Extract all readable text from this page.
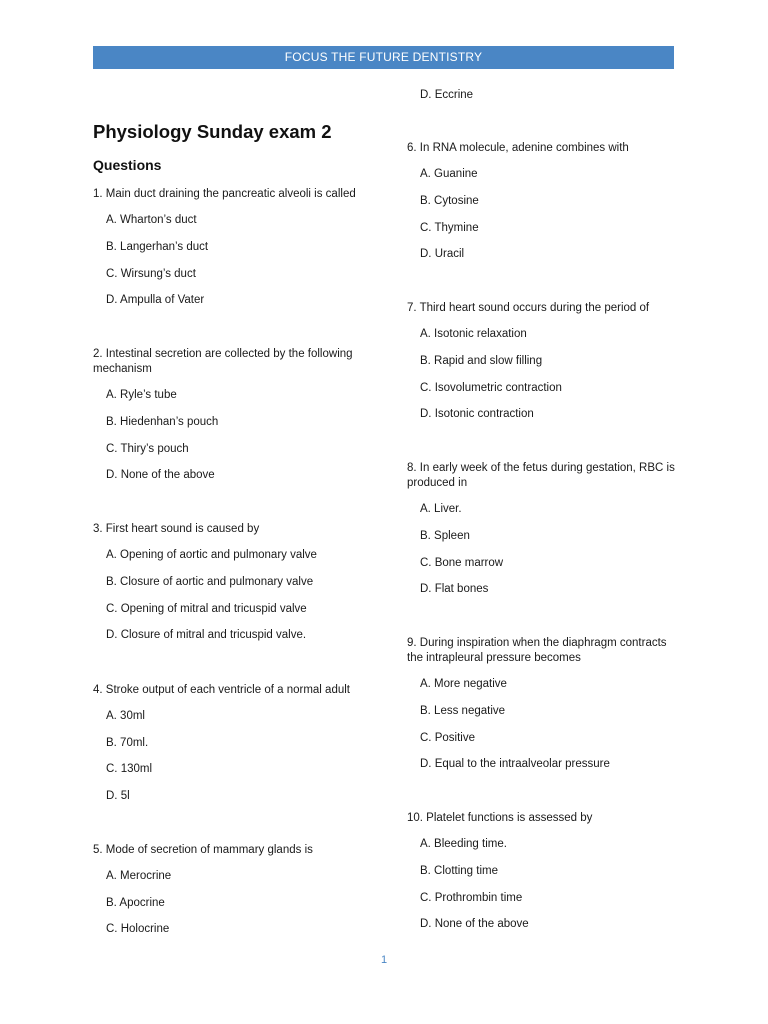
FOCUS THE FUTURE DENTISTRY
D. Eccrine
Physiology Sunday exam 2
Questions
1. Main duct draining the pancreatic alveoli is called
A. Wharton’s duct
B. Langerhan’s duct
C. Wirsung’s duct
D. Ampulla of Vater
2. Intestinal secretion are collected by the following mechanism
A. Ryle’s tube
B. Hiedenhan’s pouch
C. Thiry’s pouch
D. None of the above
3. First heart sound is caused by
A. Opening of aortic and pulmonary valve
B. Closure of aortic and pulmonary valve
C. Opening of mitral and tricuspid valve
D. Closure of mitral and tricuspid valve.
4. Stroke output of each ventricle of a normal adult
A. 30ml
B. 70ml.
C. 130ml
D. 5l
5. Mode of secretion of mammary glands is
A. Merocrine
B. Apocrine
C. Holocrine
6. In RNA molecule, adenine combines with
A. Guanine
B. Cytosine
C. Thymine
D. Uracil
7. Third heart sound occurs during the period of
A. Isotonic relaxation
B. Rapid and slow filling
C. Isovolumetric contraction
D. Isotonic contraction
8. In early week of the fetus during gestation, RBC is produced in
A. Liver.
B. Spleen
C. Bone marrow
D. Flat bones
9. During inspiration when the diaphragm contracts the intrapleural pressure becomes
A. More negative
B. Less negative
C. Positive
D. Equal to the intraalveolar pressure
10. Platelet functions is assessed by
A. Bleeding time.
B. Clotting time
C. Prothrombin time
D. None of the above
1
